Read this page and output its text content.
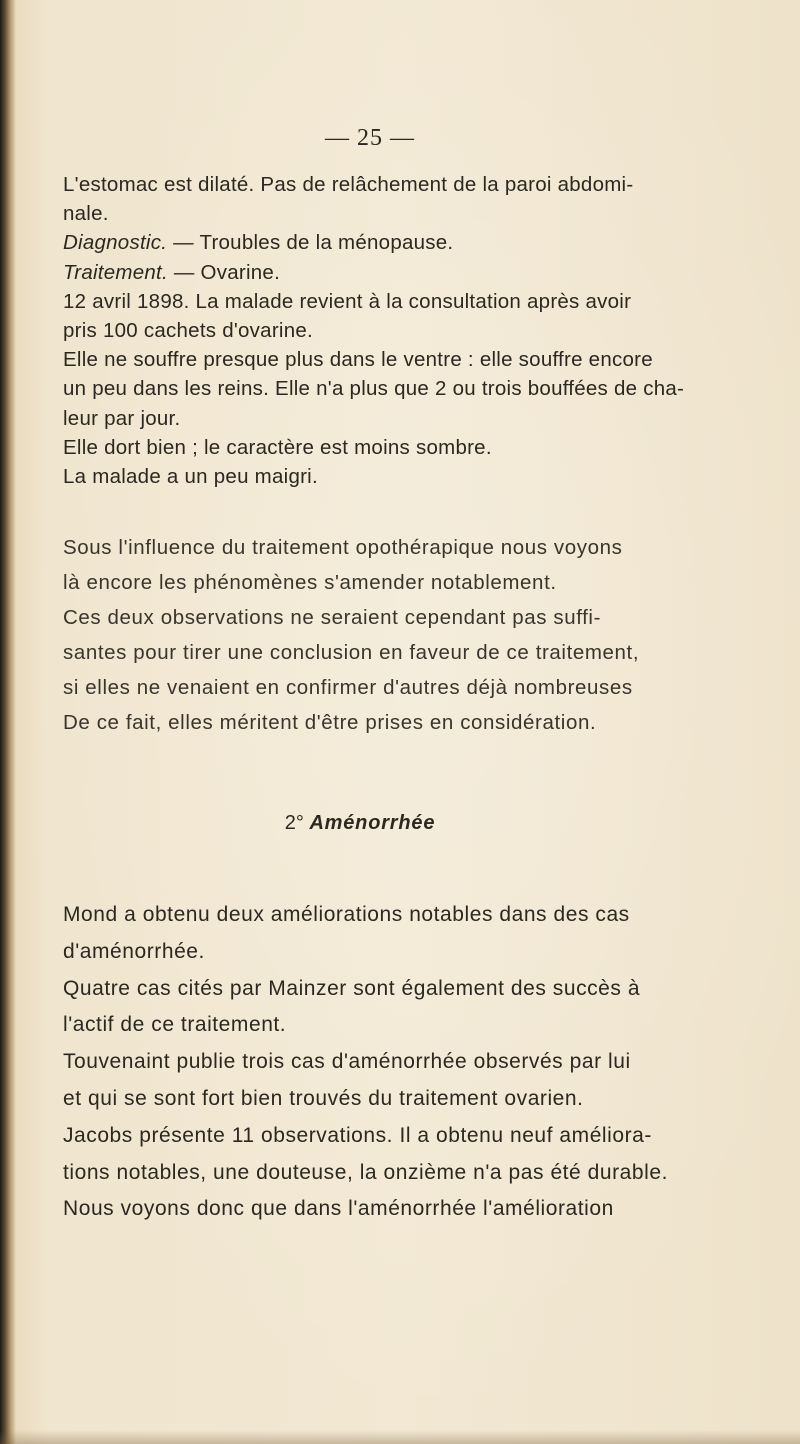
— 25 —

L'estomac est dilaté. Pas de relâchement de la paroi abdomi-

nale.

Diagnostic. — Troubles de la ménopause.

Traitement. — Ovarine.

12 avril 1898. La malade revient à la consultation après avoir

pris 100 cachets d'ovarine.

Elle ne souffre presque plus dans le ventre : elle souffre encore

un peu dans les reins. Elle n'a plus que 2 ou trois bouffées de cha-

leur par jour.

Elle dort bien ; le caractère est moins sombre.

La malade a un peu maigri.

Sous l'influence du traitement opothérapique nous voyons

là encore les phénomènes s'amender notablement.

Ces deux observations ne seraient cependant pas suffi-

santes pour tirer une conclusion en faveur de ce traitement,

si elles ne venaient en confirmer d'autres déjà nombreuses

De ce fait, elles méritent d'être prises en considération.

2° Aménorrhée

Mond a obtenu deux améliorations notables dans des cas

d'aménorrhée.

Quatre cas cités par Mainzer sont également des succès à

l'actif de ce traitement.

Touvenaint publie trois cas d'aménorrhée observés par lui

et qui se sont fort bien trouvés du traitement ovarien.

Jacobs présente 11 observations. Il a obtenu neuf améliora-

tions notables, une douteuse, la onzième n'a pas été durable.

Nous voyons donc que dans l'aménorrhée l'amélioration
